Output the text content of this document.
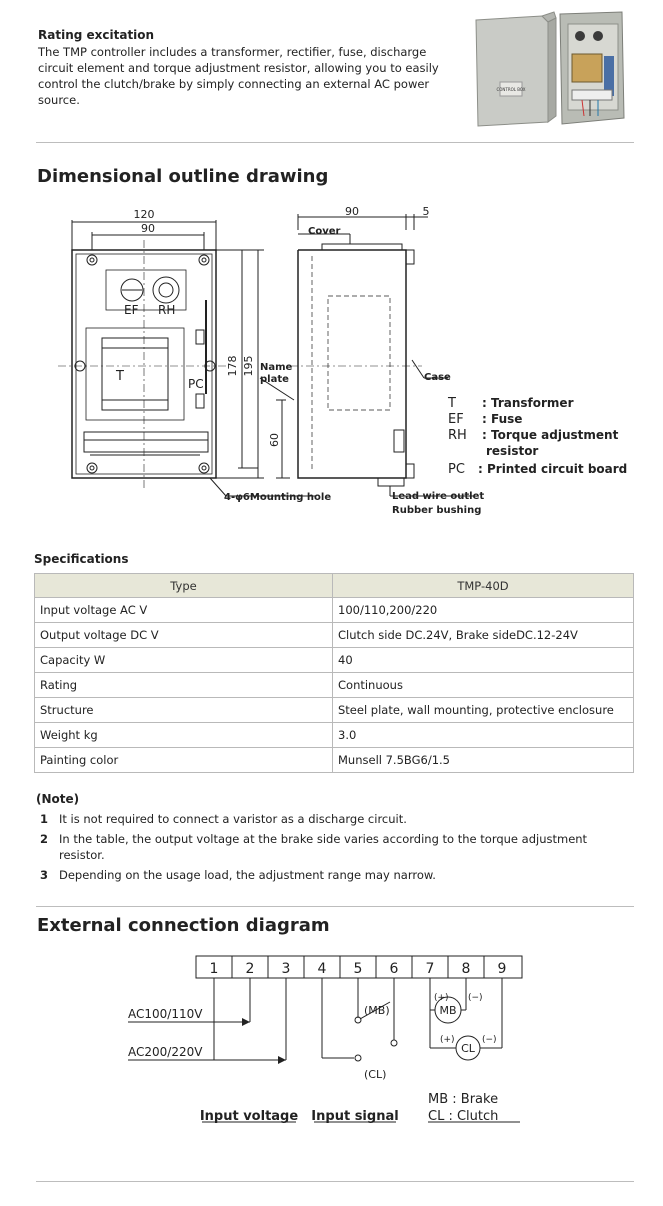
Rating excitation
The TMP controller includes a transformer, rectifier, fuse, discharge circuit element and torque adjustment resistor, allowing you to easily control the clutch/brake by simply connecting an external AC power source.
CONTROL BOX
Dimensional outline drawing
120
90
178 195
90	5
60
EF RH
T	PC
Cover
Name
plate	Case
4-φ6Mounting hole	Lead wire outlet
Rubber bushing
T : Transformer
EF : Fuse
RH : Torque adjustment
resistor
PC : Printed circuit board
Specifications
Type	TMP-40D
Input voltage AC V	100/110,200/220
Output voltage DC V	Clutch side DC.24V, Brake sideDC.12-24V
Capacity W	40
Rating	Continuous
Structure	Steel plate, wall mounting, protective enclosure
Weight kg	3.0
Painting color	Munsell 7.5BG6/1.5
(Note)
1 It is not required to connect a varistor as a discharge circuit.
2 In the table, the output voltage at the brake side varies according to the torque adjustment resistor.
3 Depending on the usage load, the adjustment range may narrow.
External connection diagram
1 2 3 4 5 6 7 8 9
AC100/110V
AC200/220V
(MB)
(CL)
MB
CL
(+) (−)
(+)	(−)
Input voltage Input signal
MB : Brake
CL : Clutch
